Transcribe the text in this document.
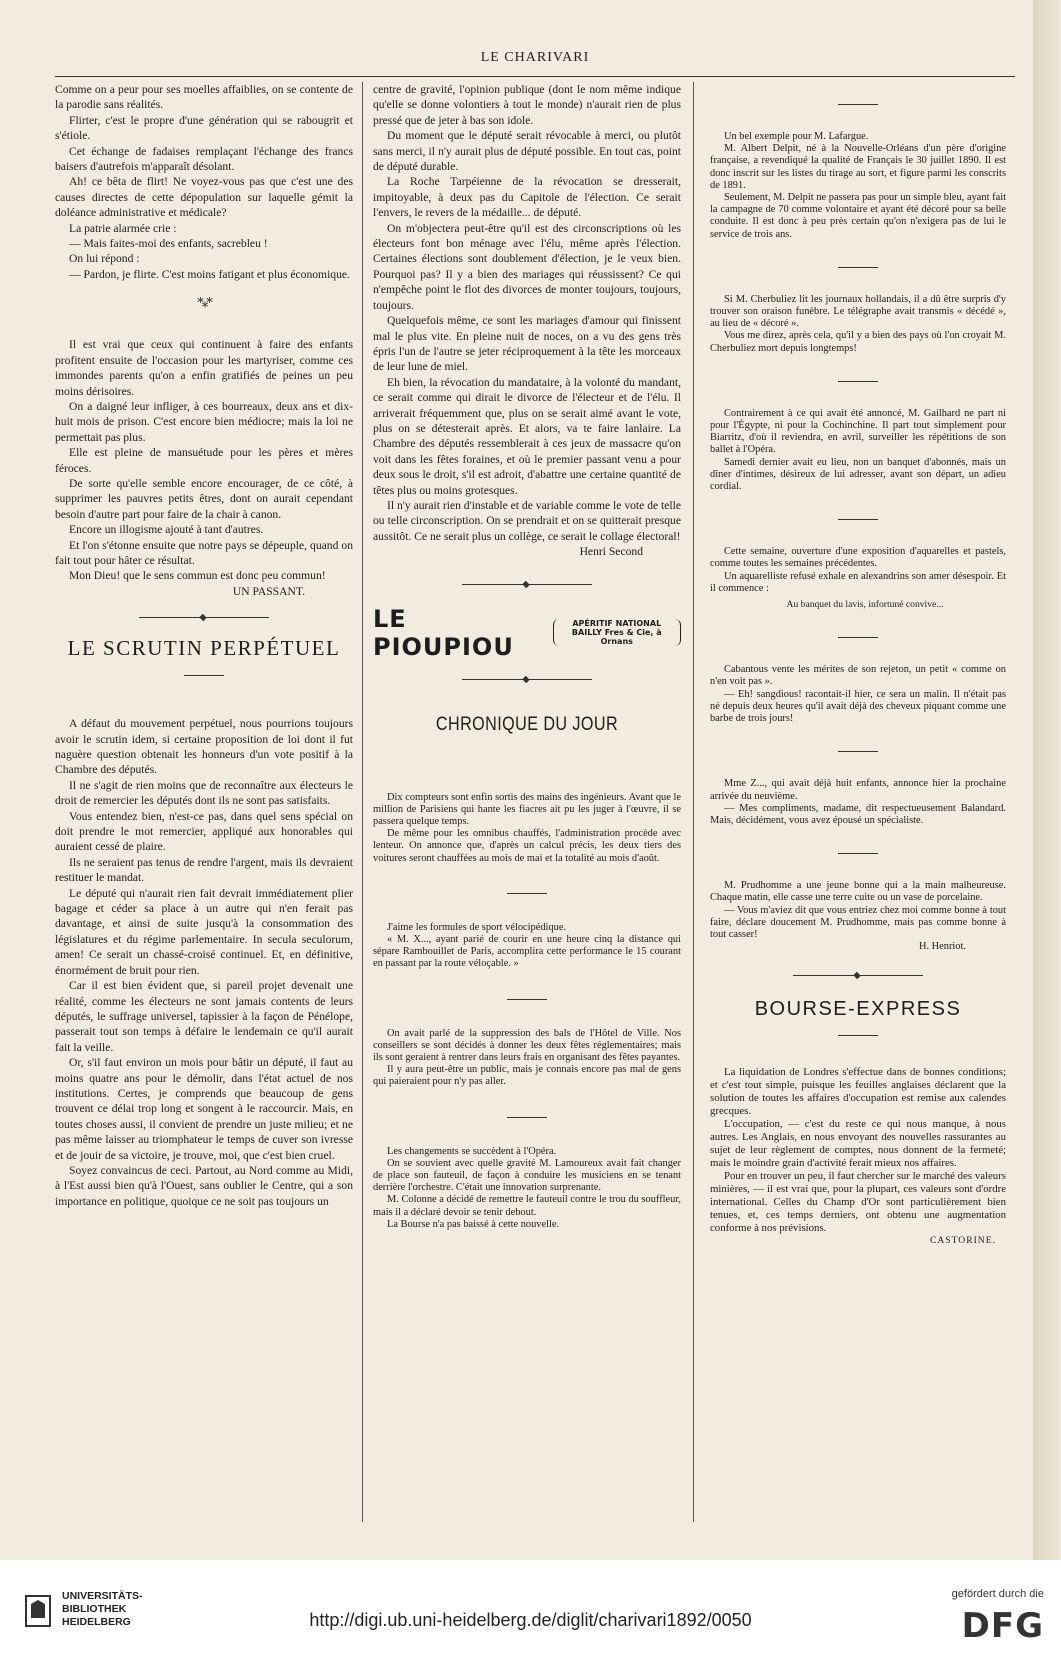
LE CHARIVARI

Comme on a peur pour ses moelles affaiblies, on se contente de la parodie sans réalités.

Flirter, c'est le propre d'une génération qui se rabougrit et s'étiole.

Cet échange de fadaises remplaçant l'échange des francs baisers d'autrefois m'apparaît désolant.

Ah! ce bêta de flirt! Ne voyez-vous pas que c'est une des causes directes de cette dépopulation sur laquelle gémit la doléance administrative et médicale?

La patrie alarmée crie :

— Mais faites-moi des enfants, sacrebleu !

On lui répond :

— Pardon, je flirte. C'est moins fatigant et plus économique.

*⁎*

Il est vrai que ceux qui continuent à faire des enfants profitent ensuite de l'occasion pour les martyriser, comme ces immondes parents qu'on a enfin gratifiés de peines un peu moins dérisoires.

On a daigné leur infliger, à ces bourreaux, deux ans et dix-huit mois de prison. C'est encore bien médiocre; mais la loi ne permettait pas plus.

Elle est pleine de mansuétude pour les pères et mères féroces.

De sorte qu'elle semble encore encourager, de ce côté, à supprimer les pauvres petits êtres, dont on aurait cependant besoin d'autre part pour faire de la chair à canon.

Encore un illogisme ajouté à tant d'autres.

Et l'on s'étonne ensuite que notre pays se dépeuple, quand on fait tout pour hâter ce résultat.

Mon Dieu! que le sens commun est donc peu commun!

UN PASSANT.

LE SCRUTIN PERPÉTUEL

A défaut du mouvement perpétuel, nous pourrions toujours avoir le scrutin idem, si certaine proposition de loi dont il fut naguère question obtenait les honneurs d'un vote positif à la Chambre des députés.

Il ne s'agit de rien moins que de reconnaître aux électeurs le droit de remercier les députés dont ils ne sont pas satisfaits.

Vous entendez bien, n'est-ce pas, dans quel sens spécial on doit prendre le mot remercier, appliqué aux honorables qui auraient cessé de plaire.

Ils ne seraient pas tenus de rendre l'argent, mais ils devraient restituer le mandat.

Le député qui n'aurait rien fait devrait immédiatement plier bagage et céder sa place à un autre qui n'en ferait pas davantage, et ainsi de suite jusqu'à la consommation des législatures et du régime parlementaire. In secula seculorum, amen! Ce serait un chassé-croisé continuel. Et, en définitive, énormément de bruit pour rien.

Car il est bien évident que, si pareil projet devenait une réalité, comme les électeurs ne sont jamais contents de leurs députés, le suffrage universel, tapissier à la façon de Pénélope, passerait tout son temps à défaire le lendemain ce qu'il aurait fait la veille.

Or, s'il faut environ un mois pour bâtir un député, il faut au moins quatre ans pour le démolir, dans l'état actuel de nos institutions. Certes, je comprends que beaucoup de gens trouvent ce délai trop long et songent à le raccourcir. Mais, en toutes choses aussi, il convient de prendre un juste milieu; et ne pas même laisser au triomphateur le temps de cuver son ivresse et de jouir de sa victoire, je trouve, moi, que c'est bien cruel.

Soyez convaincus de ceci. Partout, au Nord comme au Midi, à l'Est aussi bien qu'à l'Ouest, sans oublier le Centre, qui a son importance en politique, quoique ce ne soit pas toujours un

centre de gravité, l'opinion publique (dont le nom même indique qu'elle se donne volontiers à tout le monde) n'aurait rien de plus pressé que de jeter à bas son idole.

Du moment que le député serait révocable à merci, ou plutôt sans merci, il n'y aurait plus de député possible. En tout cas, point de député durable.

La Roche Tarpéienne de la révocation se dresserait, impitoyable, à deux pas du Capitole de l'élection. Ce serait l'envers, le revers de la médaille... de député.

On m'objectera peut-être qu'il est des circonscriptions où les électeurs font bon ménage avec l'élu, même après l'élection. Certaines élections sont doublement d'élection, je le veux bien. Pourquoi pas? Il y a bien des mariages qui réussissent? Ce qui n'empêche point le flot des divorces de monter toujours, toujours, toujours.

Quelquefois même, ce sont les mariages d'amour qui finissent mal le plus vite. En pleine nuit de noces, on a vu des gens très épris l'un de l'autre se jeter réciproquement à la tête les morceaux de leur lune de miel.

Eh bien, la révocation du mandataire, à la volonté du mandant, ce serait comme qui dirait le divorce de l'électeur et de l'élu. Il arriverait fréquemment que, plus on se serait aimé avant le vote, plus on se détesterait après. Et alors, va te faire lanlaire. La Chambre des députés ressemblerait à ces jeux de massacre qu'on voit dans les fêtes foraines, et où le premier passant venu a pour deux sous le droit, s'il est adroit, d'abattre une certaine quantité de têtes plus ou moins grotesques.

Il n'y aurait rien d'instable et de variable comme le vote de telle ou telle circonscription. On se prendrait et on se quitterait presque aussitôt. Ce ne serait plus un collège, ce serait le collage électoral!

Henri Second

LE PIOUPIOU
APÉRITIF NATIONAL
BAILLY Fres & Cie, à Ornans
CHRONIQUE DU JOUR

Dix compteurs sont enfin sortis des mains des ingénieurs. Avant que le million de Parisiens qui hante les fiacres ait pu les juger à l'œuvre, il se passera quelque temps.

De même pour les omnibus chauffés, l'administration procède avec lenteur. On annonce que, d'après un calcul précis, les deux tiers des voitures seront chauffées au mois de mai et la totalité au mois d'août.

J'aime les formules de sport vélocipédique.

« M. X..., ayant parié de courir en une heure cinq la distance qui sépare Rambouillet de Paris, accomplira cette performance le 15 courant en passant par la route véloçable. »

On avait parlé de la suppression des bals de l'Hôtel de Ville. Nos conseillers se sont décidés à donner les deux fêtes réglementaires; mais ils sont geraient à rentrer dans leurs frais en organisant des fêtes payantes.

Il y aura peut-être un public, mais je connais encore pas mal de gens qui paieraient pour n'y pas aller.

Les changements se succèdent à l'Opéra.

On se souvient avec quelle gravité M. Lamoureux avait fait changer de place son fauteuil, de façon à conduire les musiciens en se tenant derrière l'orchestre. C'était une innovation surprenante.

M. Colonne a décidé de remettre le fauteuil contre le trou du souffleur, mais il a déclaré devoir se tenir debout.

La Bourse n'a pas baissé à cette nouvelle.

Un bel exemple pour M. Lafargue.

M. Albert Delpit, né à la Nouvelle-Orléans d'un père d'origine française, a revendiqué la qualité de Français le 30 juillet 1890. Il est donc inscrit sur les listes du tirage au sort, et figure parmi les conscrits de 1891.

Seulement, M. Delpit ne passera pas pour un simple bleu, ayant fait la campagne de 70 comme volontaire et ayant été décoré pour sa belle conduite. Il est donc à peu près certain qu'on n'exigera pas de lui le service de trois ans.

Si M. Cherbuliez lit les journaux hollandais, il a dû être surpris d'y trouver son oraison funèbre. Le télégraphe avait transmis « décédé », au lieu de « décoré ».

Vous me direz, après cela, qu'il y a bien des pays où l'on croyait M. Cherbuliez mort depuis longtemps!

Contrairement à ce qui avait été annoncé, M. Gailhard ne part ni pour l'Égypte, ni pour la Cochinchine. Il part tout simplement pour Biarritz, d'où il reviendra, en avril, surveiller les répétitions de son ballet à l'Opéra.

Samedi dernier avait eu lieu, non un banquet d'abonnés, mais un dîner d'intimes, désireux de lui adresser, avant son départ, un adieu cordial.

Cette semaine, ouverture d'une exposition d'aquarelles et pastels, comme toutes les semaines précédentes.

Un aquarelliste refusé exhale en alexandrins son amer désespoir. Et il commence :

Au banquet du lavis, infortuné convive...

Cabantous vente les mérites de son rejeton, un petit « comme on n'en voit pas ».

— Eh! sangdious! racontait-il hier, ce sera un malin. Il n'était pas né depuis deux heures qu'il avait déjà des cheveux piquant comme une barbe de trois jours!

Mme Z..., qui avait déjà huit enfants, annonce hier la prochaine arrivée du neuvième.

— Mes compliments, madame, dit respectueusement Balandard. Mais, décidément, vous avez épousé un spécialiste.

M. Prudhomme a une jeune bonne qui a la main malheureuse. Chaque matin, elle casse une terre cuite ou un vase de porcelaine.

— Vous m'aviez dit que vous entriez chez moi comme bonne à tout faire, déclare doucement M. Prudhomme, mais pas comme bonne à tout casser!

H. Henriot.

BOURSE-EXPRESS

La liquidation de Londres s'effectue dans de bonnes conditions; et c'est tout simple, puisque les feuilles anglaises déclarent que la solution de toutes les affaires d'occupation est remise aux calendes grecques.

L'occupation, — c'est du reste ce qui nous manque, à nous autres. Les Anglais, en nous envoyant des nouvelles rassurantes au sujet de leur règlement de comptes, nous donnent de la fermeté; mais le moindre grain d'activité ferait mieux nos affaires.

Pour en trouver un peu, il faut chercher sur le marché des valeurs minières, — il est vrai que, pour la plupart, ces valeurs sont d'ordre international. Celles du Champ d'Or sont particulièrement bien tenues, et, ces temps derniers, ont obtenu une augmentation conforme à nos prévisions.

CASTORINE.

UNIVERSITÄTS-
BIBLIOTHEK
HEIDELBERG	http://digi.ub.uni-heidelberg.de/diglit/charivari1892/0050
gefördert durch die
DFG
